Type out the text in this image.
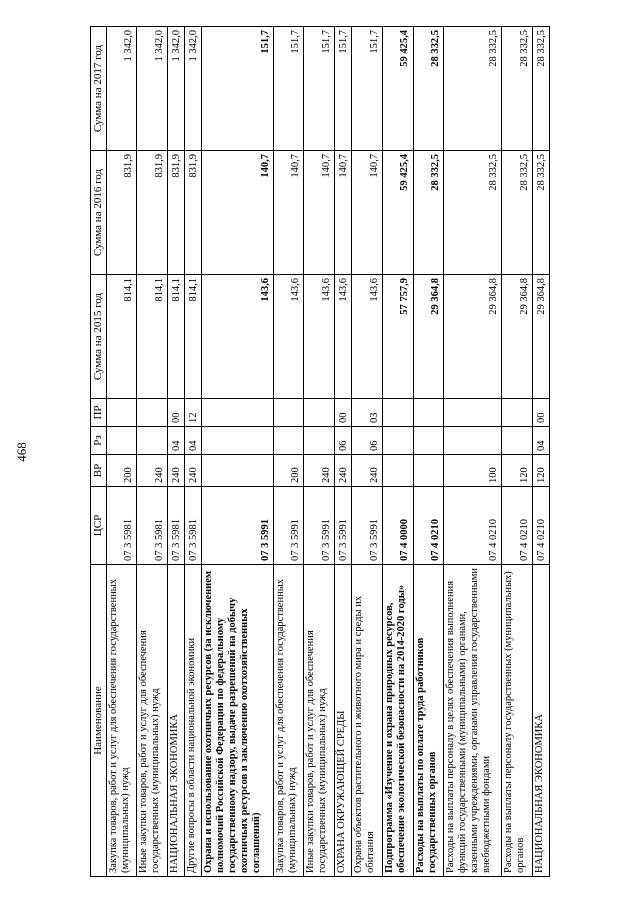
468
Наименование	ЦСР	ВР	Рз	ПР	Сумма на 2015 год	Сумма на 2016 год	Сумма на 2017 год
Закупка товаров, работ и услуг для обеспечения государственных (муниципальных) нужд	07 3 5981	200			814,1	831,9	1 342,0
Иные закупки товаров, работ и услуг для обеспечения государственных (муниципальных) нужд	07 3 5981	240			814,1	831,9	1 342,0
НАЦИОНАЛЬНАЯ ЭКОНОМИКА	07 3 5981	240	04	00	814,1	831,9	1 342,0
Другие вопросы в области национальной экономики	07 3 5981	240	04	12	814,1	831,9	1 342,0
Охрана и использование охотничьих ресурсов (за исключением полномочий Российской Федерации по федеральному государственному надзору, выдаче разрешений на добычу охотничьих ресурсов и заключению охотхозяйственных соглашений)	07 3 5991				143,6	140,7	151,7
Закупка товаров, работ и услуг для обеспечения государственных (муниципальных) нужд	07 3 5991	200			143,6	140,7	151,7
Иные закупки товаров, работ и услуг для обеспечения государственных (муниципальных) нужд	07 3 5991	240			143,6	140,7	151,7
ОХРАНА ОКРУЖАЮЩЕЙ СРЕДЫ	07 3 5991	240	06	00	143,6	140,7	151,7
Охрана объектов растительного и животного мира и среды их обитания	07 3 5991	240	06	03	143,6	140,7	151,7
Подпрограмма «Изучение и охрана природных ресурсов, обеспечение экологической безопасности на 2014-2020 годы»	07 4 0000				57 757,9	59 425,4	59 425,4
Расходы на выплаты по оплате труда работников государственных органов	07 4 0210				29 364,8	28 332,5	28 332,5
Расходы на выплаты персоналу в целях обеспечения выполнения функций государственными (муниципальными) органами, казенными учреждениями, органами управления государственными внебюджетными фондами	07 4 0210	100			29 364,8	28 332,5	28 332,5
Расходы на выплаты персоналу государственных (муниципальных) органов	07 4 0210	120			29 364,8	28 332,5	28 332,5
НАЦИОНАЛЬНАЯ ЭКОНОМИКА	07 4 0210	120	04	00	29 364,8	28 332,5	28 332,5
